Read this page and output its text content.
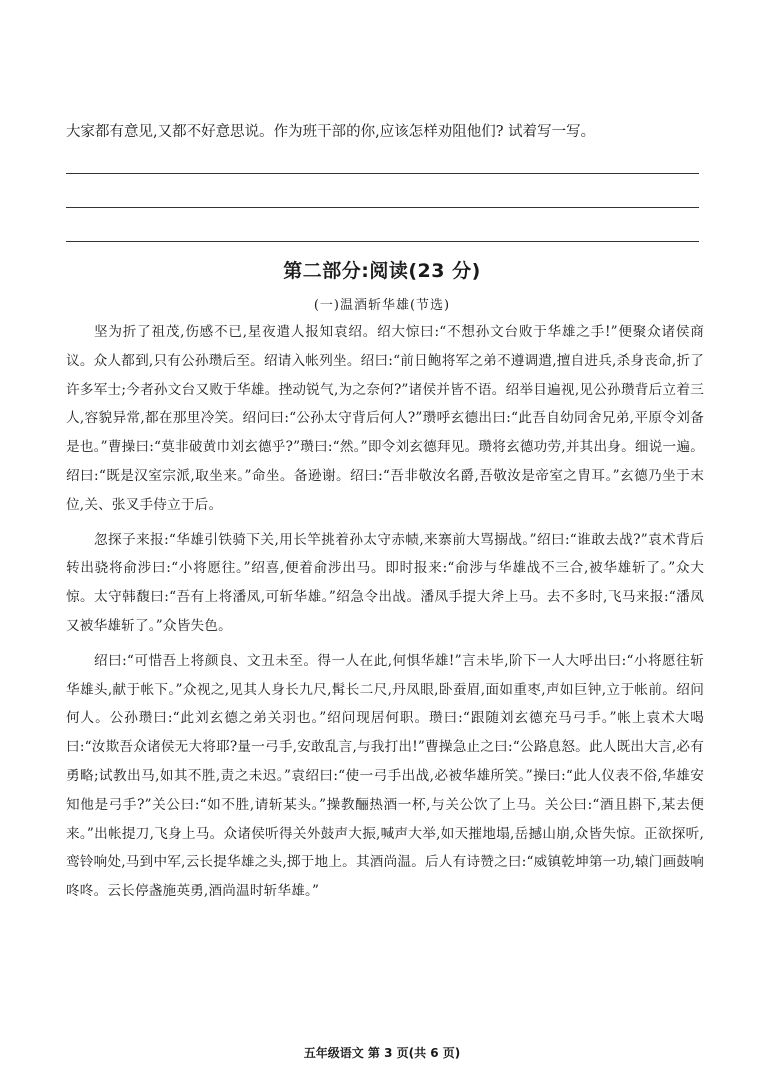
大家都有意见,又都不好意思说。作为班干部的你,应该怎样劝阻他们? 试着写一写。
第二部分:阅读(23 分)
(一)温酒斩华雄(节选)

坚为折了祖茂,伤感不已,星夜遣人报知袁绍。绍大惊曰:“不想孙文台败于华雄之手!”便聚众诸侯商议。众人都到,只有公孙瓒后至。绍请入帐列坐。绍曰:“前日鲍将军之弟不遵调遣,擅自进兵,杀身丧命,折了许多军士;今者孙文台又败于华雄。挫动锐气,为之奈何?”诸侯并皆不语。绍举目遍视,见公孙瓒背后立着三人,容貌异常,都在那里冷笑。绍问曰:“公孙太守背后何人?”瓒呼玄德出曰:“此吾自幼同舍兄弟,平原令刘备是也。”曹操曰:“莫非破黄巾刘玄德乎?”瓒曰:“然。”即令刘玄德拜见。瓒将玄德功劳,并其出身。细说一遍。绍曰:“既是汉室宗派,取坐来。”命坐。备逊谢。绍曰:“吾非敬汝名爵,吾敬汝是帝室之胄耳。”玄德乃坐于末位,关、张叉手侍立于后。

忽探子来报:“华雄引铁骑下关,用长竿挑着孙太守赤帻,来寨前大骂搦战。”绍曰:“谁敢去战?”袁术背后转出骁将俞涉曰:“小将愿往。”绍喜,便着俞涉出马。即时报来:“俞涉与华雄战不三合,被华雄斩了。”众大惊。太守韩馥曰:“吾有上将潘凤,可斩华雄。”绍急令出战。潘凤手提大斧上马。去不多时,飞马来报:“潘凤又被华雄斩了。”众皆失色。

绍曰:“可惜吾上将颜良、文丑未至。得一人在此,何惧华雄!”言未毕,阶下一人大呼出曰:“小将愿往斩华雄头,献于帐下。”众视之,见其人身长九尺,髯长二尺,丹凤眼,卧蚕眉,面如重枣,声如巨钟,立于帐前。绍问何人。公孙瓒曰:“此刘玄德之弟关羽也。”绍问现居何职。瓒曰:“跟随刘玄德充马弓手。”帐上袁术大喝曰:“汝欺吾众诸侯无大将耶?量一弓手,安敢乱言,与我打出!”曹操急止之曰:“公路息怒。此人既出大言,必有勇略;试教出马,如其不胜,责之未迟。”袁绍曰:“使一弓手出战,必被华雄所笑。”操曰:“此人仪表不俗,华雄安知他是弓手?”关公曰:“如不胜,请斩某头。”操教酾热酒一杯,与关公饮了上马。关公曰:“酒且斟下,某去便来。”出帐提刀,飞身上马。众诸侯听得关外鼓声大振,喊声大举,如天摧地塌,岳撼山崩,众皆失惊。正欲探听,鸾铃响处,马到中军,云长提华雄之头,掷于地上。其酒尚温。后人有诗赞之曰:“威镇乾坤第一功,辕门画鼓响咚咚。云长停盏施英勇,酒尚温时斩华雄。”

五年级语文 第 3 页(共 6 页)
